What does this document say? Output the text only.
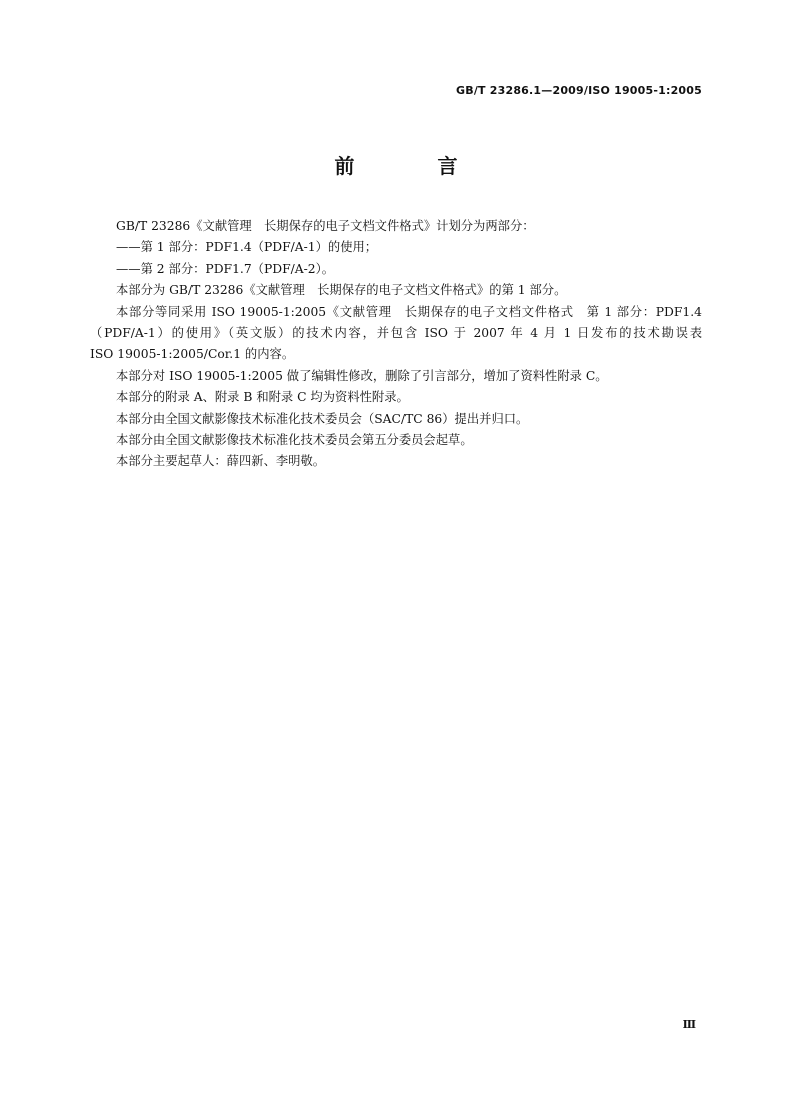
GB/T 23286.1—2009/ISO 19005-1:2005
前 言

GB/T 23286《文献管理　长期保存的电子文档文件格式》计划分为两部分：

——第 1 部分：PDF1.4（PDF/A-1）的使用；

——第 2 部分：PDF1.7（PDF/A-2）。

本部分为 GB/T 23286《文献管理　长期保存的电子文档文件格式》的第 1 部分。

本部分等同采用 ISO 19005-1:2005《文献管理　长期保存的电子文档文件格式　第 1 部分：PDF1.4

（PDF/A-1）的使用》（英文版）的技术内容，并包含 ISO 于 2007 年 4 月 1 日发布的技术勘误表

ISO 19005-1:2005/Cor.1 的内容。

本部分对 ISO 19005-1:2005 做了编辑性修改，删除了引言部分，增加了资料性附录 C。

本部分的附录 A、附录 B 和附录 C 均为资料性附录。

本部分由全国文献影像技术标准化技术委员会（SAC/TC 86）提出并归口。

本部分由全国文献影像技术标准化技术委员会第五分委员会起草。

本部分主要起草人：薛四新、李明敬。

Ⅲ
